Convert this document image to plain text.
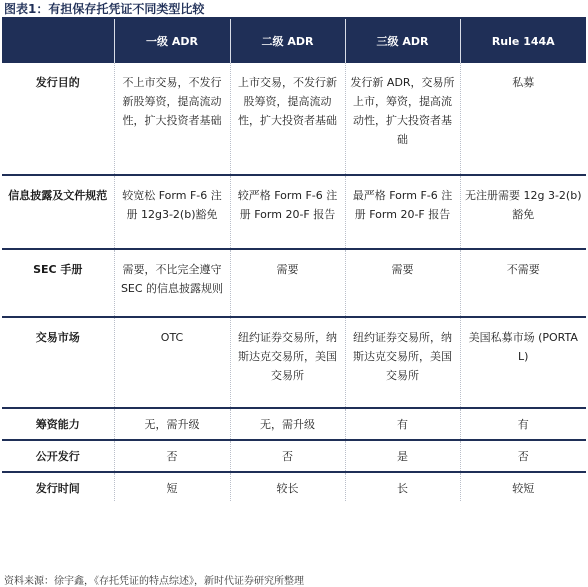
图表1：有担保存托凭证不同类型比较
	一级 ADR	二级 ADR	三级 ADR	Rule 144A
发行目的	不上市交易，不发行新股筹资，提高流动性，扩大投资者基础	上市交易，不发行新股筹资，提高流动性，扩大投资者基础	发行新 ADR，交易所上市，筹资，提高流动性，扩大投资者基础	私募
信息披露及文件规范	较宽松 Form F-6 注册 12g3-2(b)豁免	较严格 Form F-6 注册 Form 20-F 报告	最严格 Form F-6 注册 Form 20-F 报告	无注册需要 12g 3-2(b)豁免
SEC 手册	需要，不比完全遵守 SEC 的信息披露规则	需要	需要	不需要
交易市场	OTC	纽约证券交易所，纳斯达克交易所，美国交易所	纽约证券交易所，纳斯达克交易所，美国交易所	美国私募市场 (PORTAL)
筹资能力	无，需升级	无，需升级	有	有
公开发行	否	否	是	否
发行时间	短	较长	长	较短
资料来源：徐宇鑫，《存托凭证的特点综述》，新时代证券研究所整理
